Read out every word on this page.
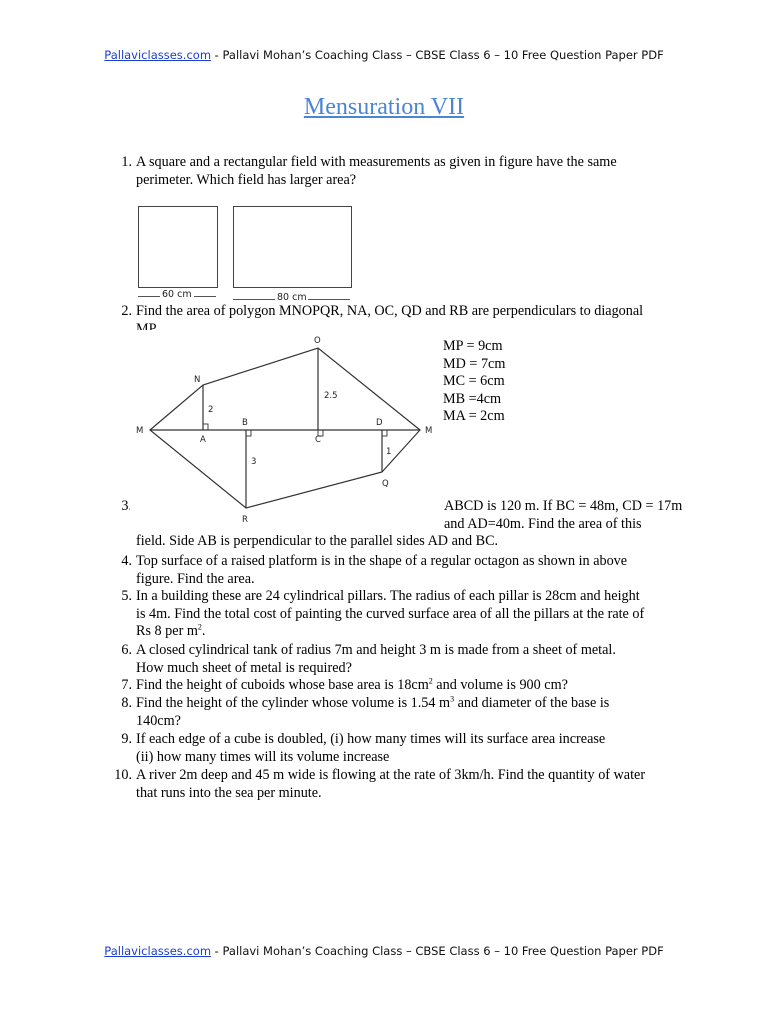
Pallaviclasses.com - Pallavi Mohan’s Coaching Class – CBSE Class 6 – 10 Free Question Paper PDF
Mensuration VII
1. A square and a rectangular field with measurements as given in figure have the same
perimeter. Which field has larger area?
60 cm	80 cm
2. Find the area of polygon MNOPQR, NA, OC, QD and RB are perpendiculars to diagonal
MP.
MP = 9cm
MD = 7cm
MC = 6cm
MB =4cm
MA = 2cm
3.	ABCD is 120 m. If BC = 48m, CD = 17m
and AD=40m. Find the area of this
field. Side AB is perpendicular to the parallel sides AD and BC.
M
N
O
M
Q
R
A
B
C
D
2
2.5
3
1
4. Top surface of a raised platform is in the shape of a regular octagon as shown in above
figure. Find the area.
5. In a building these are 24 cylindrical pillars. The radius of each pillar is 28cm and height
is 4m. Find the total cost of painting the curved surface area of all the pillars at the rate of
Rs 8 per $m^2$.
6. A closed cylindrical tank of radius 7m and height 3 m is made from a sheet of metal.
How much sheet of metal is required?
7. Find the height of cuboids whose base area is $18cm^2$ and volume is 900 cm?
8. Find the height of the cylinder whose volume is 1.54 $m^3$ and diameter of the base is
140cm?
9. If each edge of a cube is doubled, (i) how many times will its surface area increase
(ii) how many times will its volume increase
10. A river 2m deep and 45 m wide is flowing at the rate of 3km/h. Find the quantity of water
that runs into the sea per minute.
Pallaviclasses.com - Pallavi Mohan’s Coaching Class – CBSE Class 6 – 10 Free Question Paper PDF
